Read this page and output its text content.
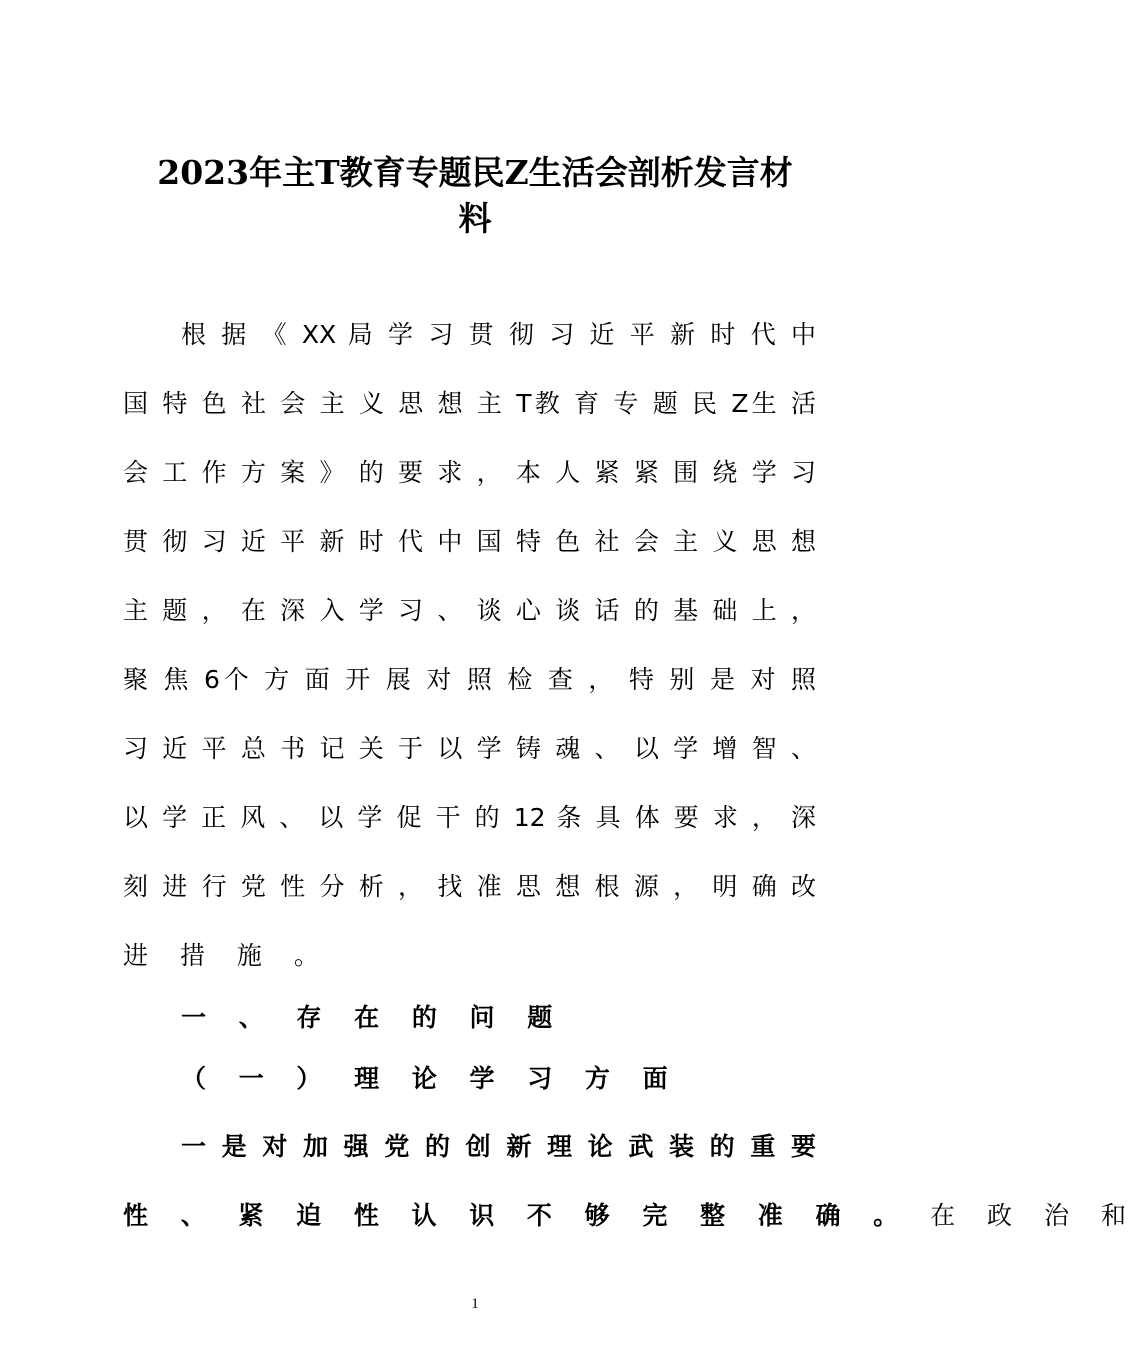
2023年主T教育专题民Z生活会剖析发言材
料
根 据 《 XX 局 学 习 贯 彻 习 近 平 新 时 代 中
国 特 色 社 会 主 义 思 想 主 T教 育 专 题 民 Z生 活
会 工 作 方 案 》 的 要 求 ， 本 人 紧 紧 围 绕 学 习
贯 彻 习 近 平 新 时 代 中 国 特 色 社 会 主 义 思 想
主 题 ， 在 深 入 学 习 、 谈 心 谈 话 的 基 础 上 ，
聚 焦 6个 方 面 开 展 对 照 检 查 ， 特 别 是 对 照
习 近 平 总 书 记 关 于 以 学 铸 魂 、 以 学 增 智 、
以 学 正 风 、 以 学 促 干 的 12 条 具 体 要 求 ， 深
刻 进 行 党 性 分 析 ， 找 准 思 想 根 源 ， 明 确 改
进 措 施 。
一 、 存 在 的 问 题
（ 一 ） 理 论 学 习 方 面
一 是 对 加 强 党 的 创 新 理 论 武 装 的 重 要
性 、 紧 迫 性 认 识 不 够 完 整 准 确 。 在 政 治 和
1
